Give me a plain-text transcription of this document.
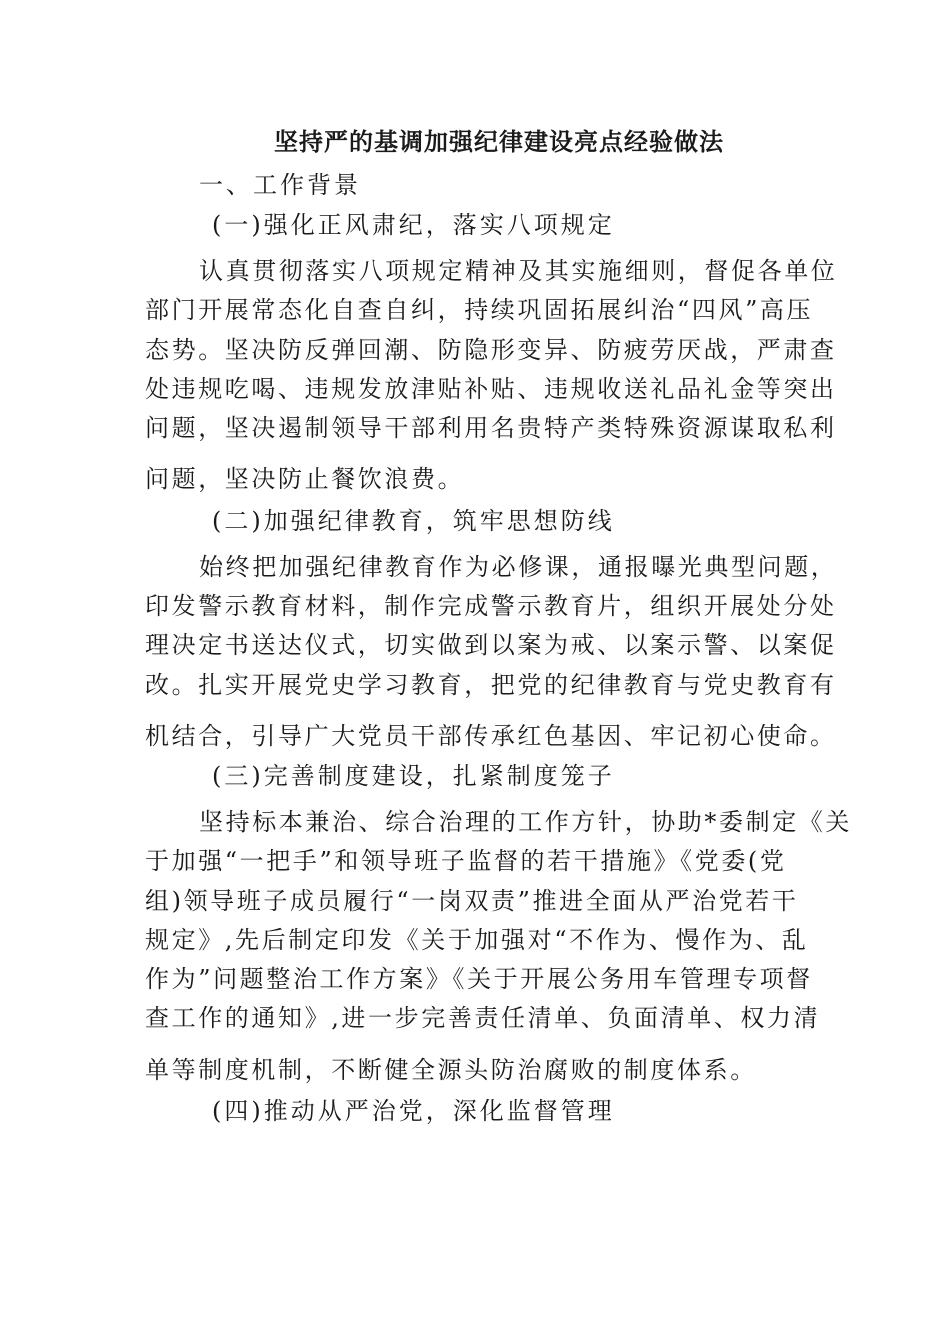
坚持严的基调加强纪律建设亮点经验做法
一、工作背景
(一)强化正风肃纪，落实八项规定
认真贯彻落实八项规定精神及其实施细则，督促各单位
部门开展常态化自查自纠，持续巩固拓展纠治“四风”高压
态势。坚决防反弹回潮、防隐形变异、防疲劳厌战，严肃查
处违规吃喝、违规发放津贴补贴、违规收送礼品礼金等突出
问题，坚决遏制领导干部利用名贵特产类特殊资源谋取私利
问题，坚决防止餐饮浪费。
(二)加强纪律教育，筑牢思想防线
始终把加强纪律教育作为必修课，通报曝光典型问题，
印发警示教育材料，制作完成警示教育片，组织开展处分处
理决定书送达仪式，切实做到以案为戒、以案示警、以案促
改。扎实开展党史学习教育，把党的纪律教育与党史教育有
机结合，引导广大党员干部传承红色基因、牢记初心使命。
(三)完善制度建设，扎紧制度笼子
坚持标本兼治、综合治理的工作方针，协助*委制定《关
于加强“一把手”和领导班子监督的若干措施》《党委(党
组)领导班子成员履行“一岗双责”推进全面从严治党若干
规定》,先后制定印发《关于加强对“不作为、慢作为、乱
作为”问题整治工作方案》《关于开展公务用车管理专项督
查工作的通知》,进一步完善责任清单、负面清单、权力清
单等制度机制，不断健全源头防治腐败的制度体系。
(四)推动从严治党，深化监督管理
